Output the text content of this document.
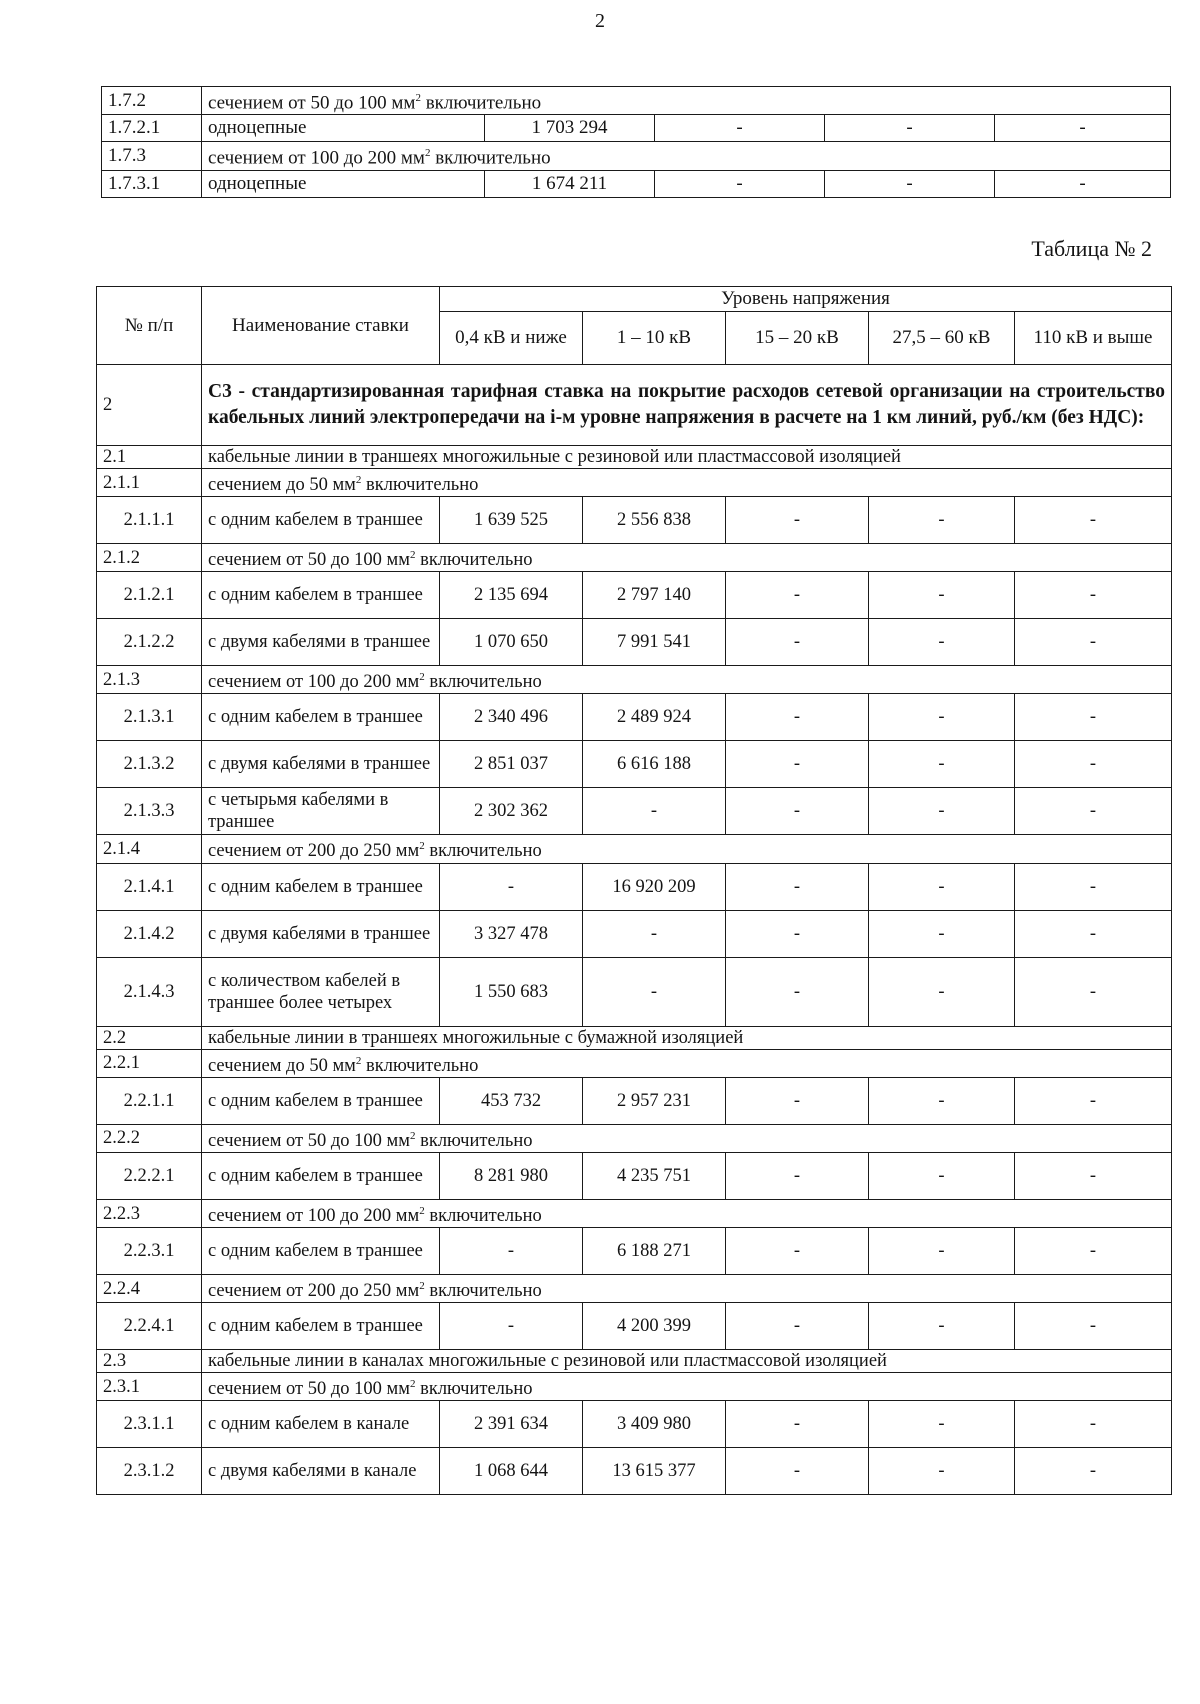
2
1.7.2	сечением от 50 до 100 $мм^2$ включительно				
1.7.2.1	одноцепные	1 703 294	-	-	-
1.7.3	сечением от 100 до 200 $мм^2$ включительно				
1.7.3.1	одноцепные	1 674 211	-	-	-
Таблица № 2
№ п/п	Наименование ставки	Уровень напряжения				
		0,4 кВ и ниже	1 – 10 кВ	15 – 20 кВ	27,5 – 60 кВ	110 кВ и выше
2	С3 - стандартизированная тарифная ставка на покрытие расходов сетевой организации на строительство кабельных линий электропередачи на i-м уровне напряжения в расчете на 1 км линий, руб./км (без НДС):					
2.1	кабельные линии в траншеях многожильные с резиновой или пластмассовой изоляцией					
2.1.1	сечением до 50 $мм^2$ включительно					
2.1.1.1	с одним кабелем в траншее	1 639 525	2 556 838	-	-	-
2.1.2	сечением от 50 до 100 $мм^2$ включительно					
2.1.2.1	с одним кабелем в траншее	2 135 694	2 797 140	-	-	-
2.1.2.2	с двумя кабелями в траншее	1 070 650	7 991 541	-	-	-
2.1.3	сечением от 100 до 200 $мм^2$ включительно					
2.1.3.1	с одним кабелем в траншее	2 340 496	2 489 924	-	-	-
2.1.3.2	с двумя кабелями в траншее	2 851 037	6 616 188	-	-	-
2.1.3.3	с четырьмя кабелями в траншее	2 302 362	-	-	-	-
2.1.4	сечением от 200 до 250 $мм^2$ включительно					
2.1.4.1	с одним кабелем в траншее	-	16 920 209	-	-	-
2.1.4.2	с двумя кабелями в траншее	3 327 478	-	-	-	-
2.1.4.3	с количеством кабелей в траншее более четырех	1 550 683	-	-	-	-
2.2	кабельные линии в траншеях многожильные с бумажной изоляцией					
2.2.1	сечением до 50 $мм^2$ включительно					
2.2.1.1	с одним кабелем в траншее	453 732	2 957 231	-	-	-
2.2.2	сечением от 50 до 100 $мм^2$ включительно					
2.2.2.1	с одним кабелем в траншее	8 281 980	4 235 751	-	-	-
2.2.3	сечением от 100 до 200 $мм^2$ включительно					
2.2.3.1	с одним кабелем в траншее	-	6 188 271	-	-	-
2.2.4	сечением от 200 до 250 $мм^2$ включительно					
2.2.4.1	с одним кабелем в траншее	-	4 200 399	-	-	-
2.3	кабельные линии в каналах многожильные с резиновой или пластмассовой изоляцией					
2.3.1	сечением от 50 до 100 $мм^2$ включительно					
2.3.1.1	с одним кабелем в канале	2 391 634	3 409 980	-	-	-
2.3.1.2	с двумя кабелями в канале	1 068 644	13 615 377	-	-	-
